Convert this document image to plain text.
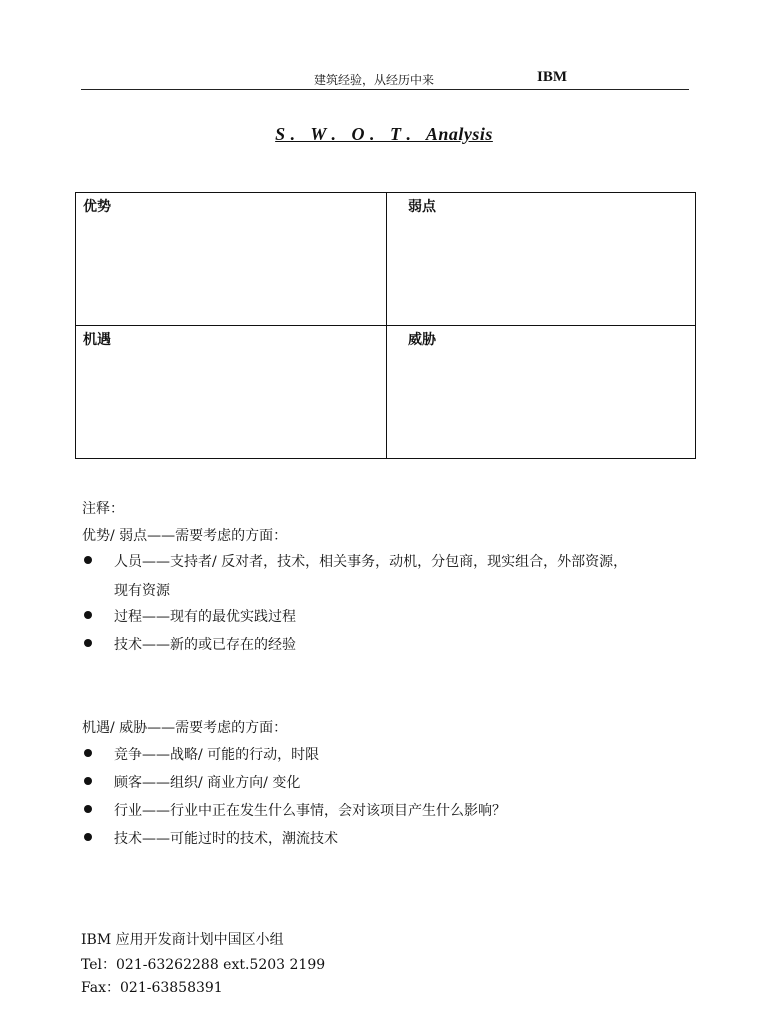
建筑经验，从经历中来	IBM
S .   W .   O .   T .   Analysis
优势	弱点
机遇	威胁
注释：
优势/ 弱点——需要考虑的方面：
人员——支持者/ 反对者，技术，相关事务，动机，分包商，现实组合，外部资源，
现有资源
过程——现有的最优实践过程
技术——新的或已存在的经验
机遇/ 威胁——需要考虑的方面：
竞争——战略/ 可能的行动，时限
顾客——组织/ 商业方向/ 变化
行业——行业中正在发生什么事情，会对该项目产生什么影响？
技术——可能过时的技术，潮流技术
IBM 应用开发商计划中国区小组
Tel：021-63262288 ext.5203 2199
Fax：021-63858391
